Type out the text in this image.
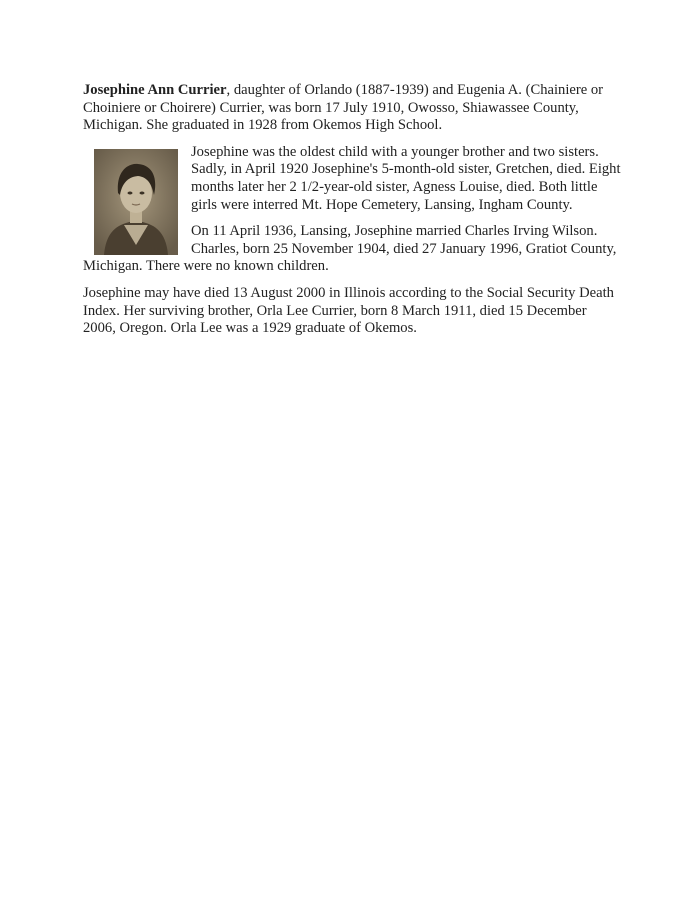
Josephine Ann Currier, daughter of Orlando (1887-1939) and Eugenia A. (Chainiere or Choiniere or Choirere) Currier, was born 17 July 1910, Owosso, Shiawassee County, Michigan. She graduated in 1928 from Okemos High School.

Josephine was the oldest child with a younger brother and two sisters. Sadly, in April 1920 Josephine's 5-month-old sister, Gretchen, died. Eight months later her 2 1/2-year-old sister, Agness Louise, died. Both little girls were interred Mt. Hope Cemetery, Lansing, Ingham County.

On 11 April 1936, Lansing, Josephine married Charles Irving Wilson. Charles, born 25 November 1904, died 27 January 1996, Gratiot County, Michigan. There were no known children.

Josephine may have died 13 August 2000 in Illinois according to the Social Security Death Index. Her surviving brother, Orla Lee Currier, born 8 March 1911, died 15 December 2006, Oregon. Orla Lee was a 1929 graduate of Okemos.
